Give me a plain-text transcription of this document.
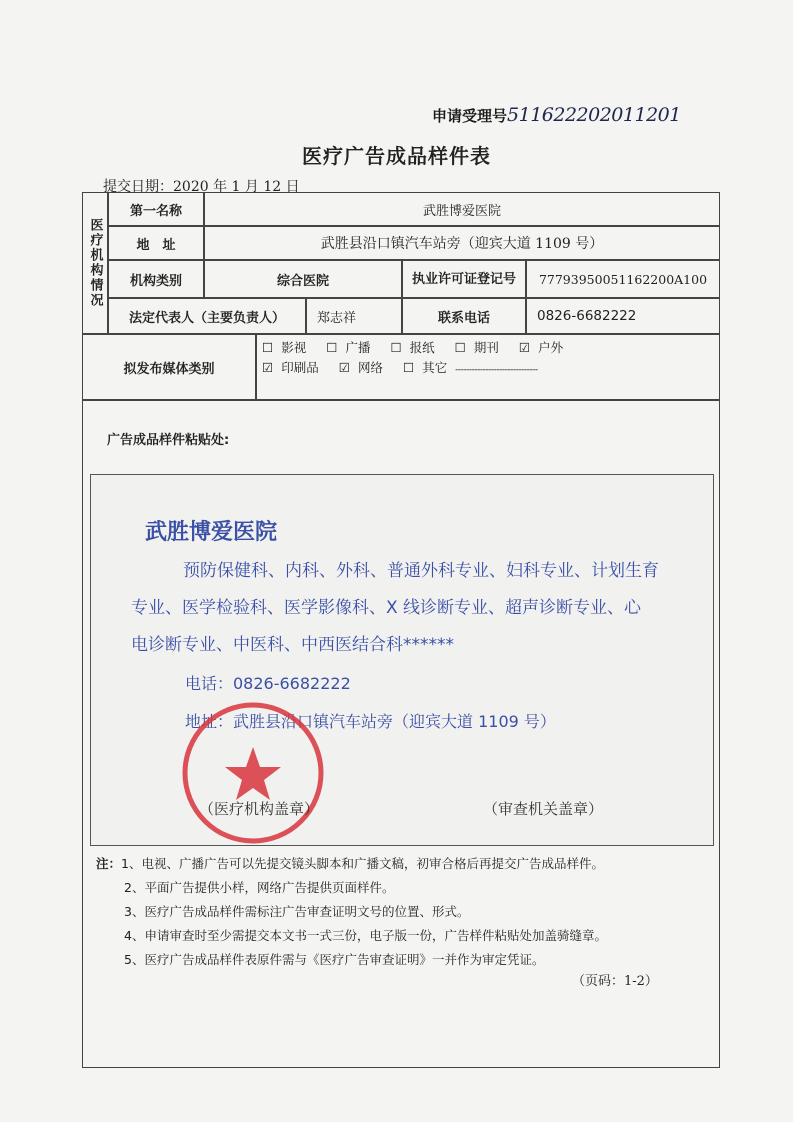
申请受理号511622202011201
医疗广告成品样件表
提交日期：2020 年 1 月 12 日
医疗机构情况
第一名称	武胜博爱医院
地　址	武胜县沿口镇汽车站旁（迎宾大道 1109 号）
机构类别	综合医院	执业许可证登记号 77793950051162200A100
法定代表人（主要负责人） 郑志祥	联系电话	0826-6682222
拟发布媒体类别
☐ 影视 ☐ 广播 ☐ 报纸 ☐ 期刊 ☑ 户外
☑ 印刷品 ☑ 网络 ☐ 其它 ------------------------------
广告成品样件粘贴处:
武胜博爱医院
预防保健科、内科、外科、普通外科专业、妇科专业、计划生育
专业、医学检验科、医学影像科、X 线诊断专业、超声诊断专业、心
电诊断专业、中医科、中西医结合科******
电话：0826-6682222
地址：武胜县沿口镇汽车站旁（迎宾大道 1109 号）
（医疗机构盖章）	（审查机关盖章）
注：1、电视、广播广告可以先提交镜头脚本和广播文稿，初审合格后再提交广告成品样件。
2、平面广告提供小样，网络广告提供页面样件。
3、医疗广告成品样件需标注广告审查证明文号的位置、形式。
4、申请审查时至少需提交本文书一式三份，电子版一份，广告样件粘贴处加盖骑缝章。
5、医疗广告成品样件表原件需与《医疗广告审查证明》一并作为审定凭证。
（页码：1-2）
